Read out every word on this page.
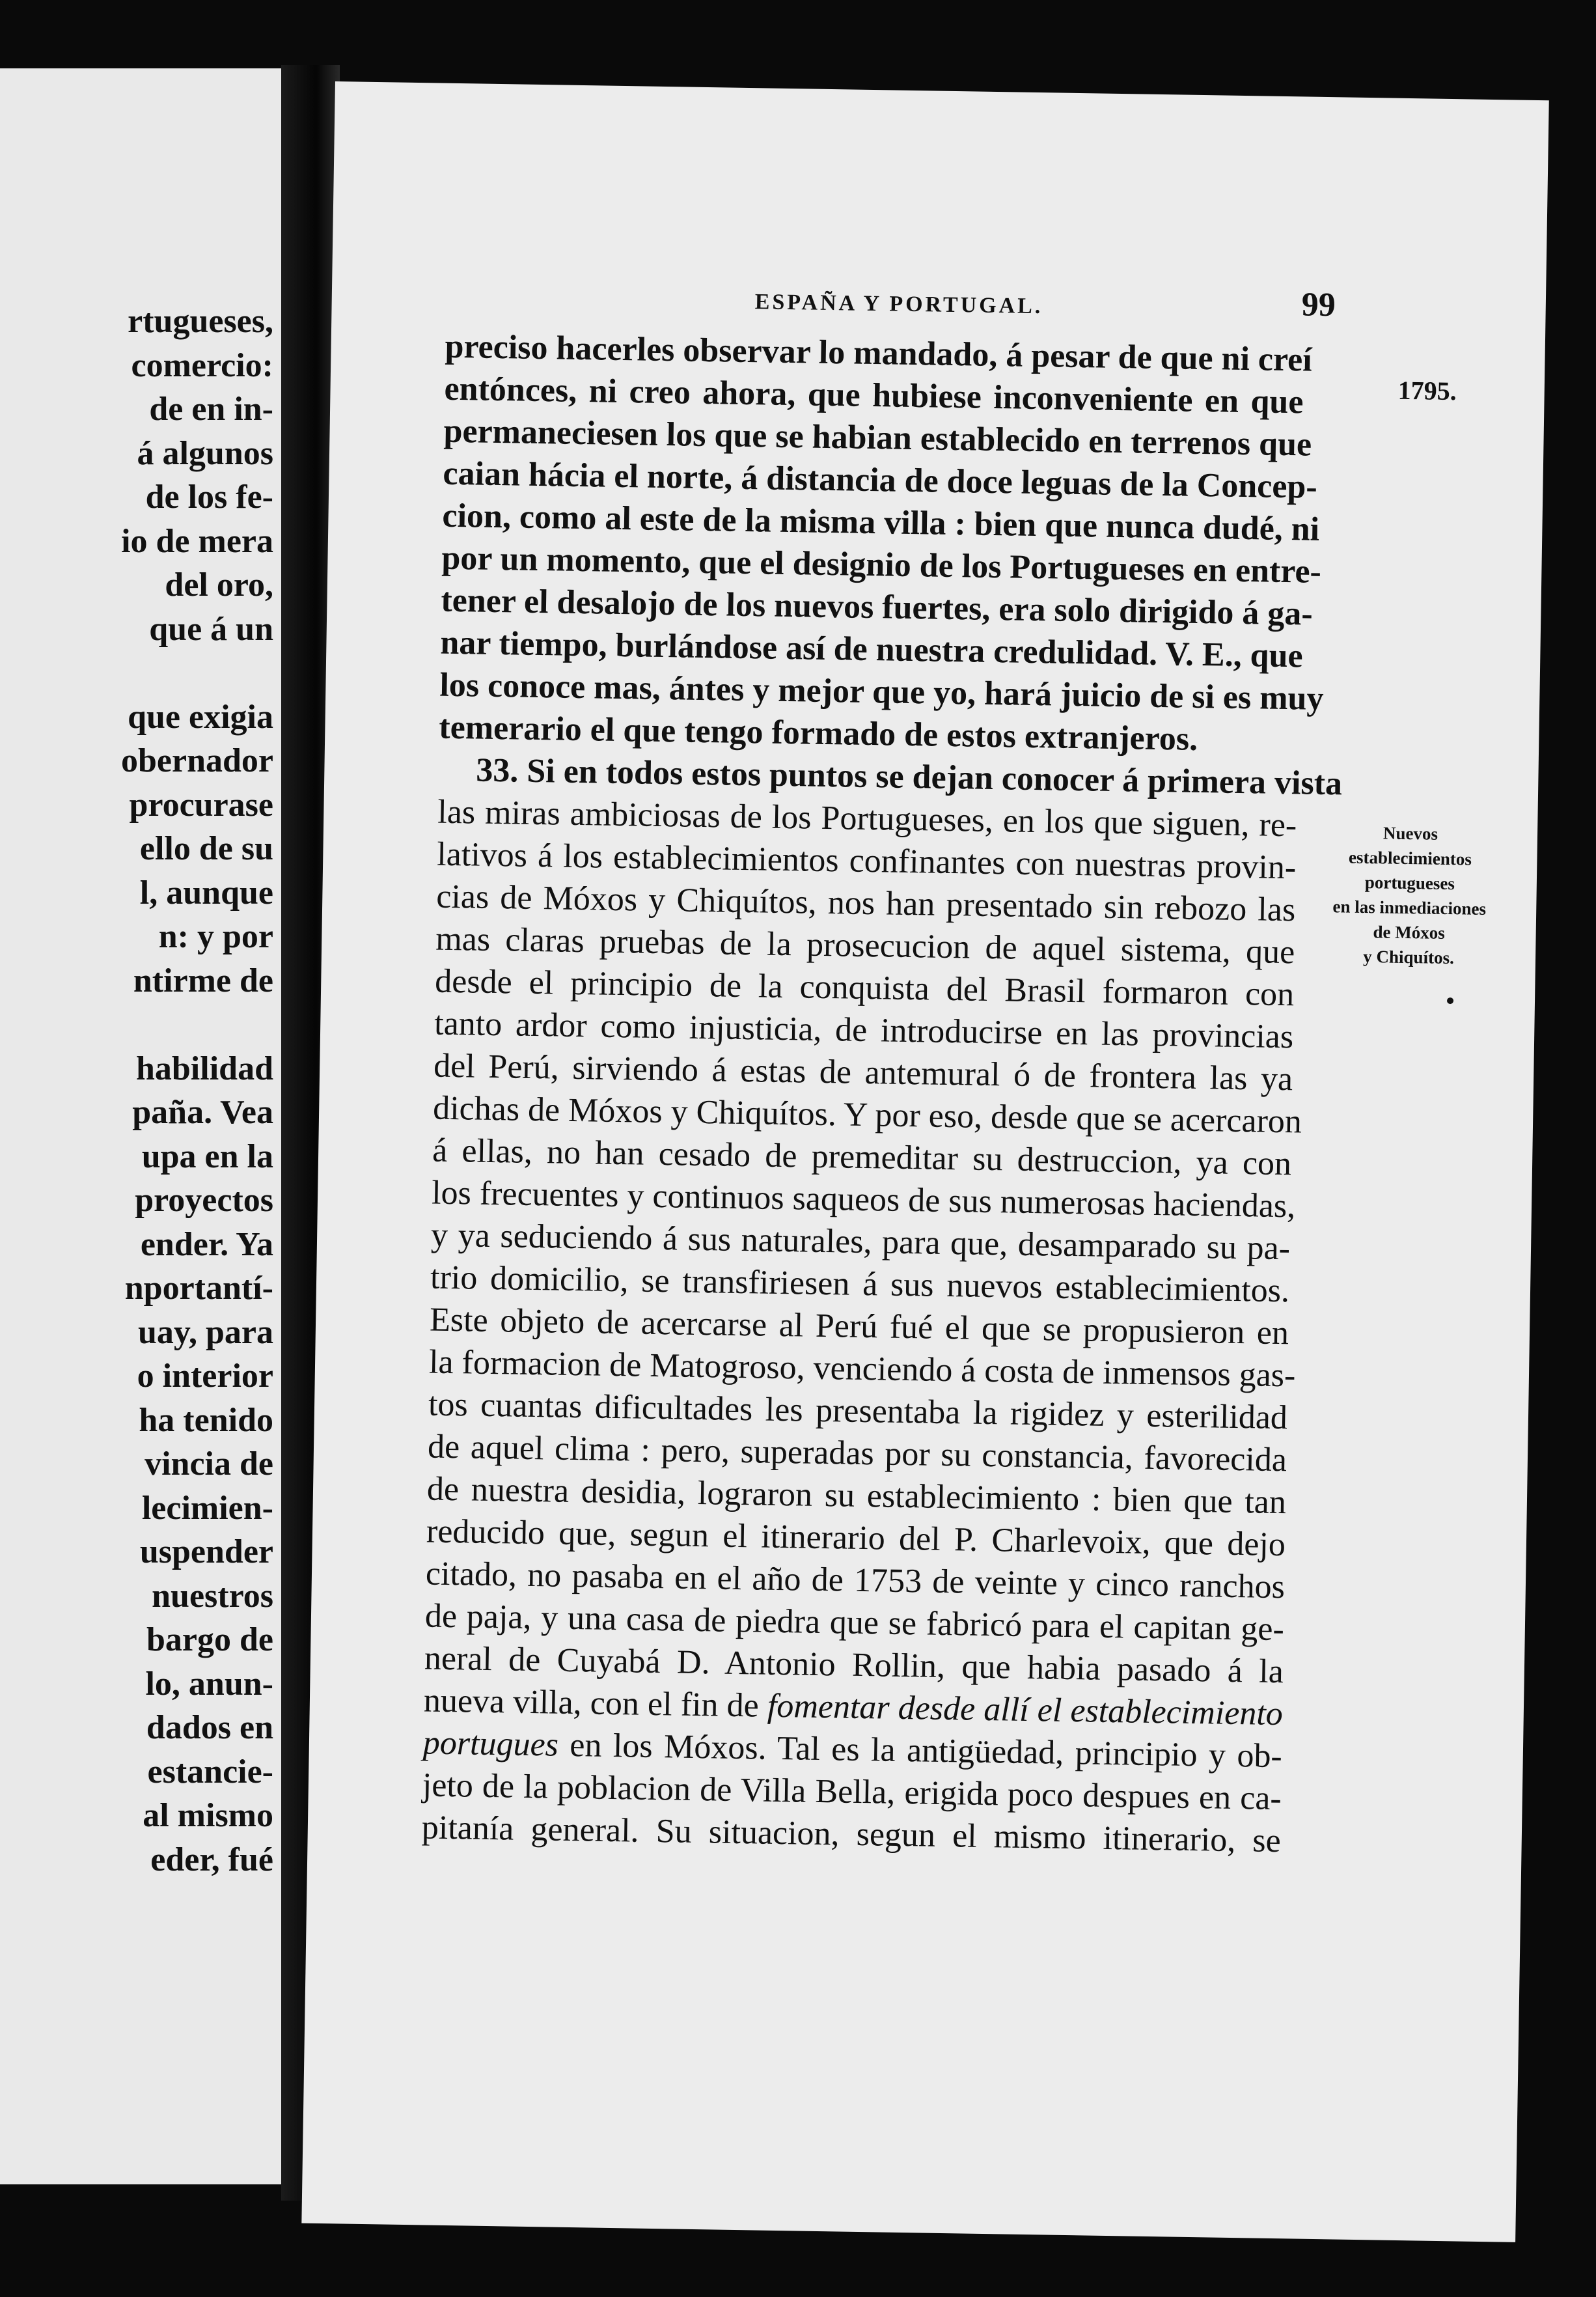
rtugueses,
comercio:
de en in-
á algunos
de los fe-
io de mera
del oro,
que á un
que exigia
obernador
procurase
ello de su
l, aunque
n: y por
ntirme de
habilidad
paña. Vea
upa en la
proyectos
ender. Ya
nportantí-
uay, para
o interior
ha tenido
vincia de
lecimien-
uspender
nuestros
bargo de
lo, anun-
dados en
estancie-
al mismo
eder, fué
ESPAÑA Y PORTUGAL.	99
1795.
preciso hacerles observar lo mandado, á pesar de que ni creí
entónces, ni creo ahora, que hubiese inconveniente en que
permaneciesen los que se habian establecido en terrenos que
caian hácia el norte, á distancia de doce leguas de la Concep-
cion, como al este de la misma villa : bien que nunca dudé, ni
por un momento, que el designio de los Portugueses en entre-
tener el desalojo de los nuevos fuertes, era solo dirigido á ga-
nar tiempo, burlándose así de nuestra credulidad. V. E., que
los conoce mas, ántes y mejor que yo, hará juicio de si es muy
temerario el que tengo formado de estos extranjeros.
33. Si en todos estos puntos se dejan conocer á primera vista
las miras ambiciosas de los Portugueses, en los que siguen, re-
lativos á los establecimientos confinantes con nuestras provin-
cias de Móxos y Chiquítos, nos han presentado sin rebozo las
mas claras pruebas de la prosecucion de aquel sistema, que
desde el principio de la conquista del Brasil formaron con
tanto ardor como injusticia, de introducirse en las provincias
del Perú, sirviendo á estas de antemural ó de frontera las ya
dichas de Móxos y Chiquítos. Y por eso, desde que se acercaron
á ellas, no han cesado de premeditar su destruccion, ya con
los frecuentes y continuos saqueos de sus numerosas haciendas,
y ya seduciendo á sus naturales, para que, desamparado su pa-
trio domicilio, se transfiriesen á sus nuevos establecimientos.
Este objeto de acercarse al Perú fué el que se propusieron en
la formacion de Matogroso, venciendo á costa de inmensos gas-
tos cuantas dificultades les presentaba la rigidez y esterilidad
de aquel clima : pero, superadas por su constancia, favorecida
de nuestra desidia, lograron su establecimiento : bien que tan
reducido que, segun el itinerario del P. Charlevoix, que dejo
citado, no pasaba en el año de 1753 de veinte y cinco ranchos
de paja, y una casa de piedra que se fabricó para el capitan ge-
neral de Cuyabá D. Antonio Rollin, que habia pasado á la
nueva villa, con el fin de fomentar desde allí el establecimiento
portugues en los Móxos. Tal es la antigüedad, principio y ob-
jeto de la poblacion de Villa Bella, erigida poco despues en ca-
pitanía general. Su situacion, segun el mismo itinerario, se
Nuevos
establecimientos
portugueses
en las inmediaciones
de Móxos
y Chiquítos.
